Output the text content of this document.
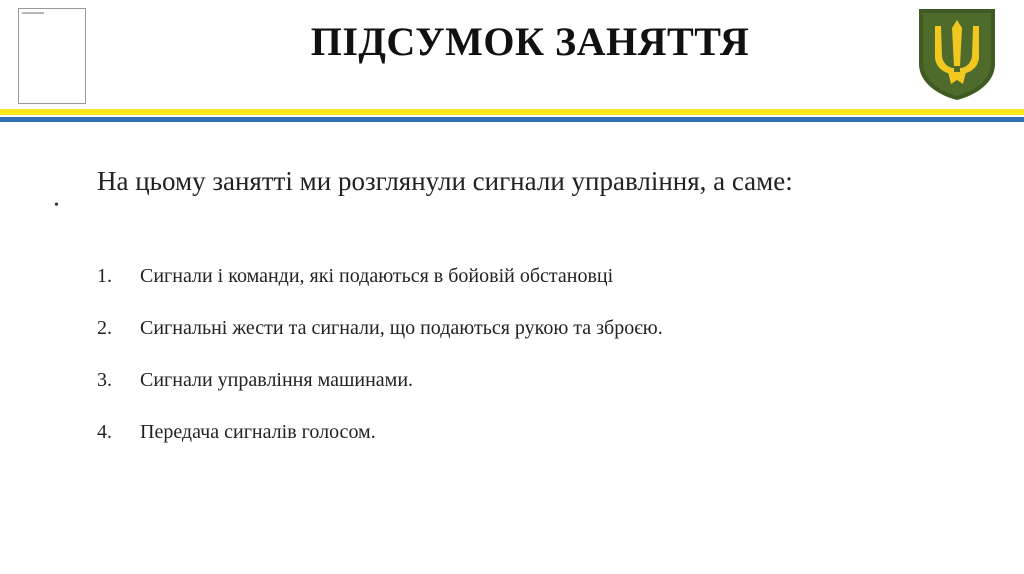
ПІДСУМОК ЗАНЯТТЯ
•

На цьому занятті ми розглянули сигнали управління, а саме:

1.	Сигнали і команди, які подаються в бойовій обстановці
2.	Сигнальні жести та сигнали, що подаються рукою та зброєю.
3.	Сигнали управління машинами.
4.	Передача сигналів голосом.
